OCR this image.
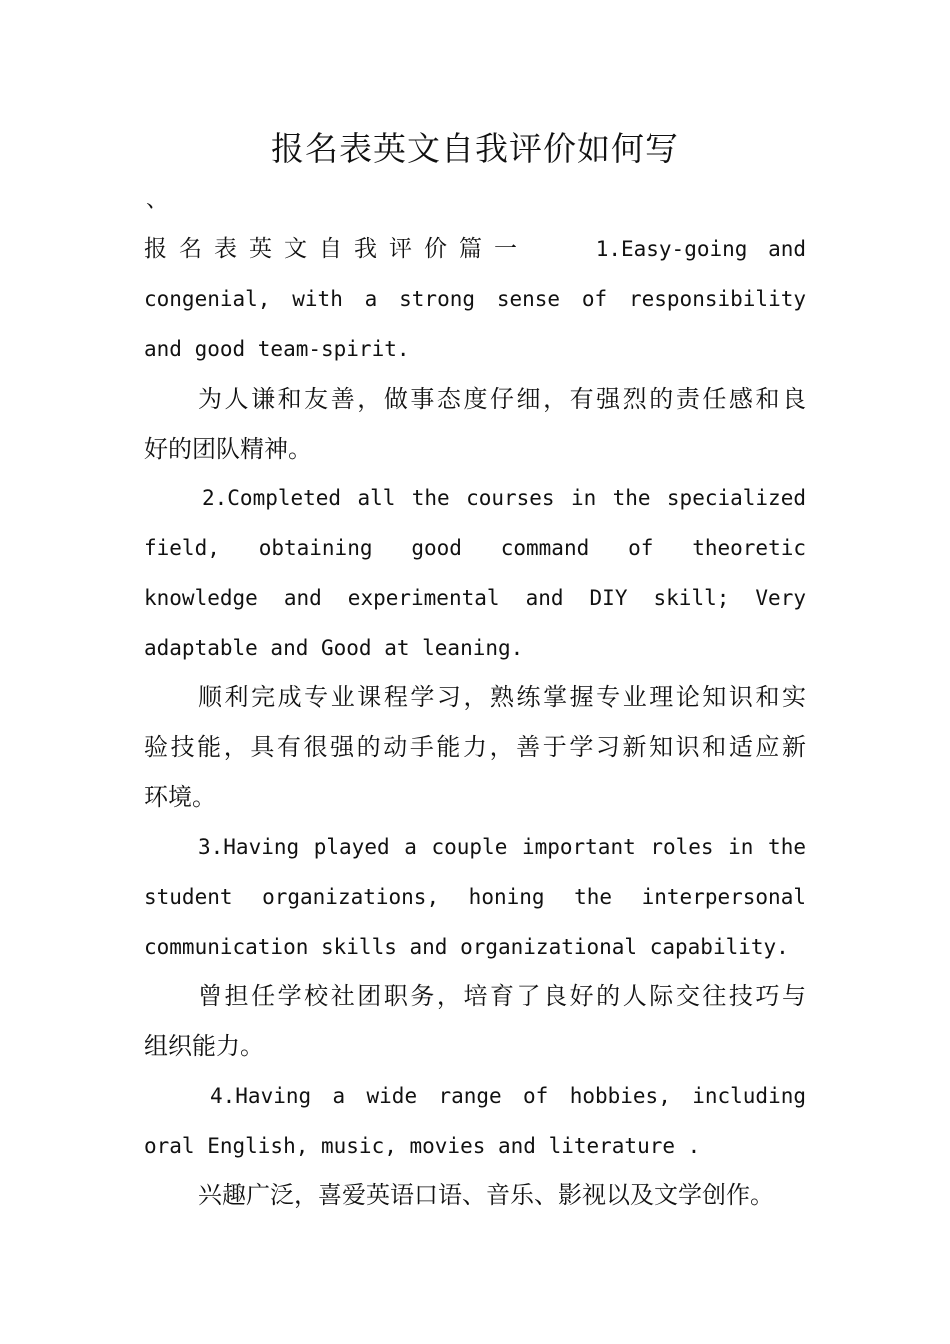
报名表英文自我评价如何写
、
报名表英文自我评价篇一	1.Easy-going and
congenial, with a strong sense of responsibility
and good team-spirit.
为人谦和友善，做事态度仔细，有强烈的责任感和良
好的团队精神。
2.Completed all the courses in the specialized
field, obtaining good command of theoretic
knowledge and experimental and DIY skill; Very
adaptable and Good at leaning.
顺利完成专业课程学习，熟练掌握专业理论知识和实
验技能，具有很强的动手能力，善于学习新知识和适应新
环境。
3.Having played a couple important roles in the
student organizations, honing the interpersonal
communication skills and organizational capability.
曾担任学校社团职务，培育了良好的人际交往技巧与
组织能力。
4.Having a wide range of hobbies, including
oral English, music, movies and literature .
兴趣广泛，喜爱英语口语、音乐、影视以及文学创作。
